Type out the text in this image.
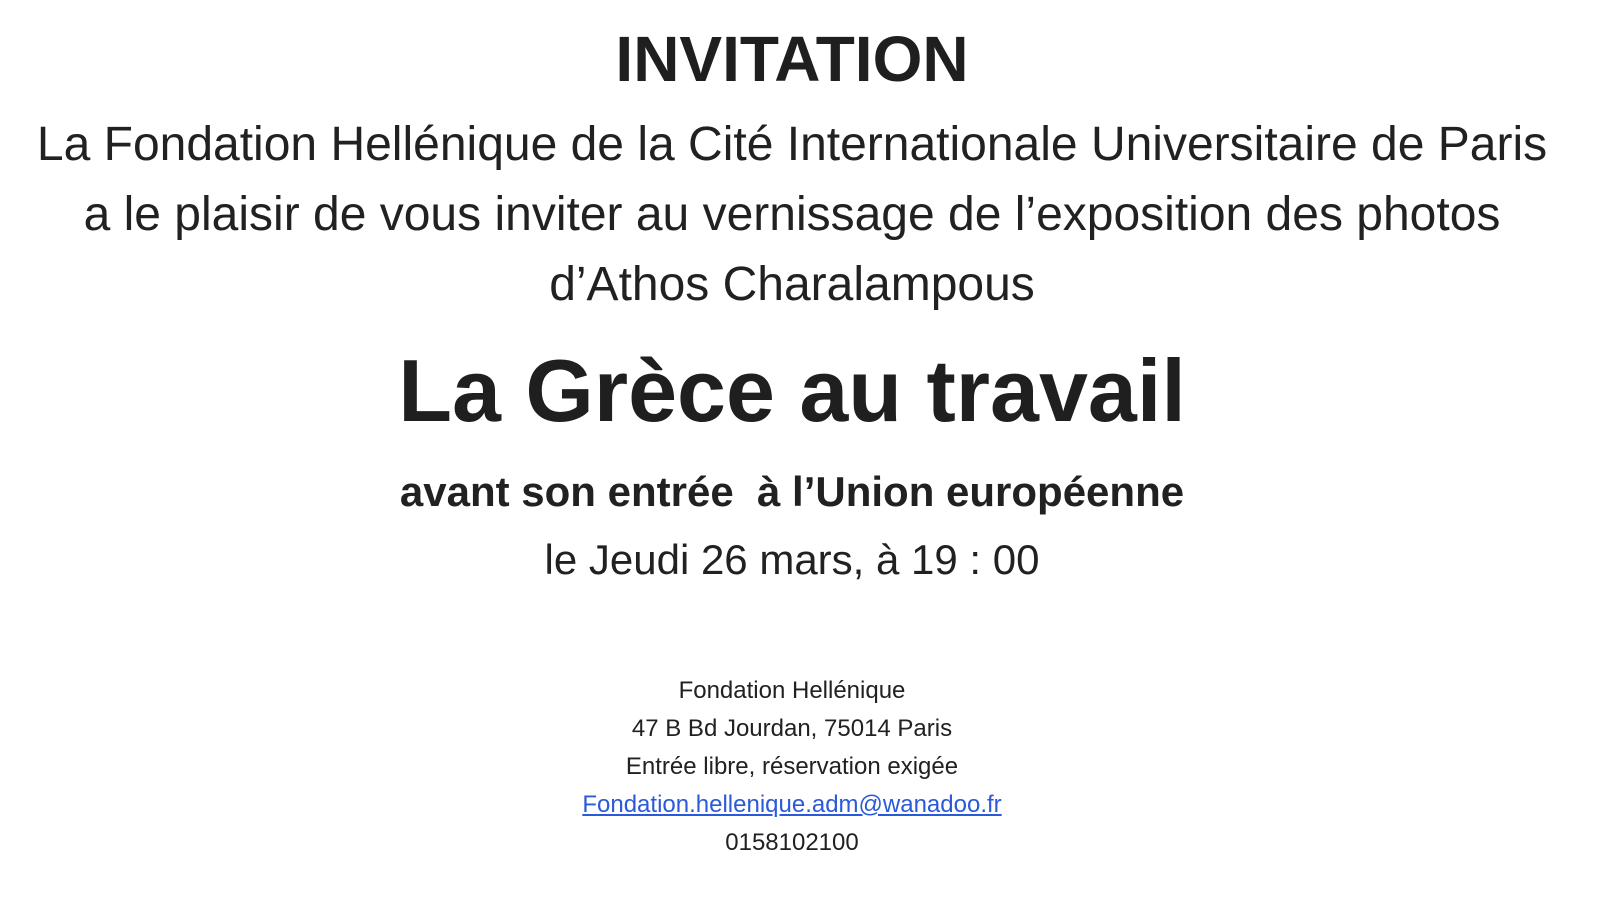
INVITATION

La Fondation Hellénique de la Cité Internationale Universitaire de Paris
a le plaisir de vous inviter au vernissage de l’exposition des photos
d’Athos Charalampous

La Grèce au travail
avant son entrée  à l’Union européenne

le Jeudi 26 mars, à 19 : 00

Fondation Hellénique
47 B Bd Jourdan, 75014 Paris
Entrée libre, réservation exigée
Fondation.hellenique.adm@wanadoo.fr
0158102100
